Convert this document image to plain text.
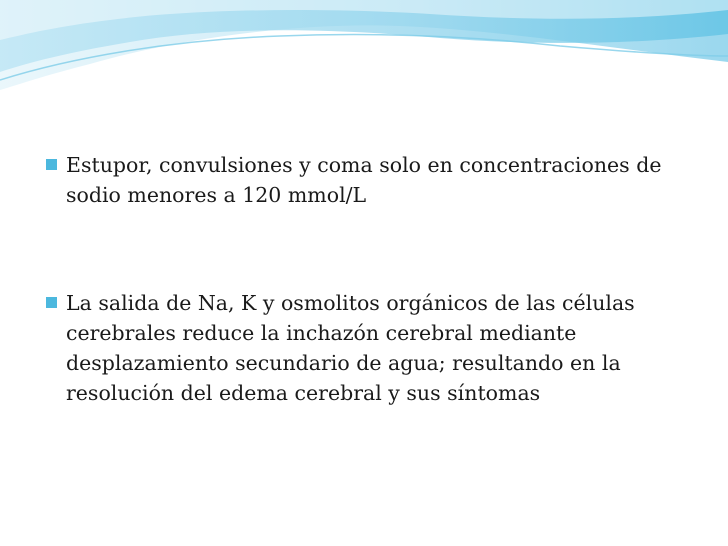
Estupor, convulsiones y coma solo en concentraciones de sodio menores a 120 mmol/L
La salida de Na, K y osmolitos orgánicos de las células cerebrales reduce la inchazón cerebral mediante desplazamiento secundario de agua; resultando en la resolución del edema cerebral y sus síntomas
